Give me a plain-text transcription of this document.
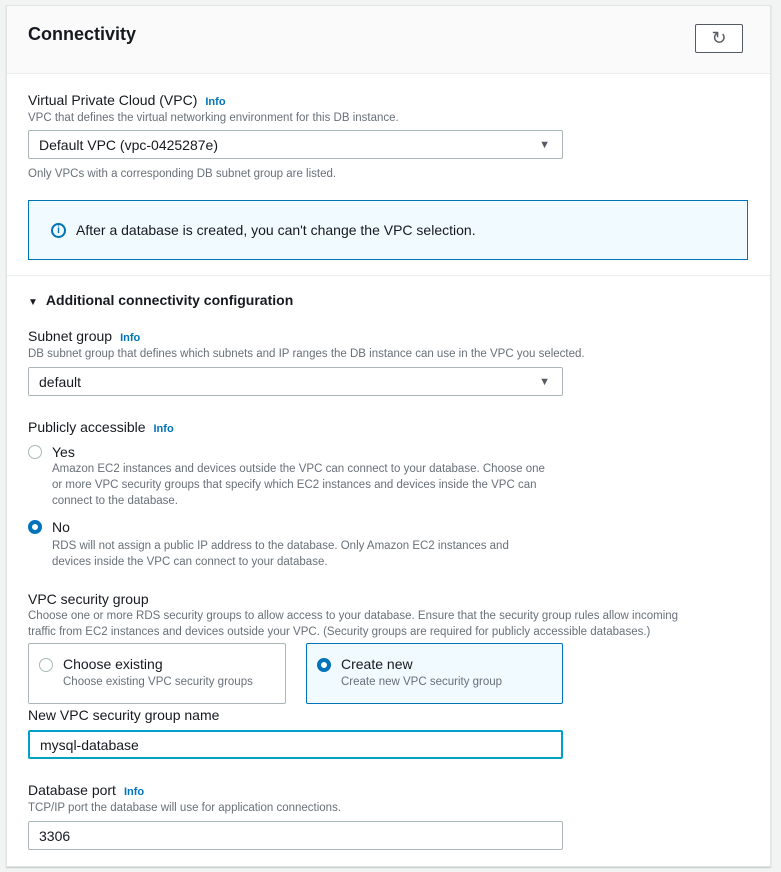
Connectivity	↻
Virtual Private Cloud (VPC) Info
VPC that defines the virtual networking environment for this DB instance.
Default VPC (vpc-0425287e)	▼
Only VPCs with a corresponding DB subnet group are listed.
i	After a database is created, you can't change the VPC selection.
▼ Additional connectivity configuration
Subnet group Info
DB subnet group that defines which subnets and IP ranges the DB instance can use in the VPC you selected.
default	▼
Publicly accessible Info
Yes
Amazon EC2 instances and devices outside the VPC can connect to your database. Choose one
or more VPC security groups that specify which EC2 instances and devices inside the VPC can
connect to the database.
No
RDS will not assign a public IP address to the database. Only Amazon EC2 instances and
devices inside the VPC can connect to your database.
VPC security group
Choose one or more RDS security groups to allow access to your database. Ensure that the security group rules allow incoming
traffic from EC2 instances and devices outside your VPC. (Security groups are required for publicly accessible databases.)
Choose existing
Choose existing VPC security groups
Create new
Create new VPC security group
New VPC security group name
mysql-database
Database port Info
TCP/IP port the database will use for application connections.
3306
